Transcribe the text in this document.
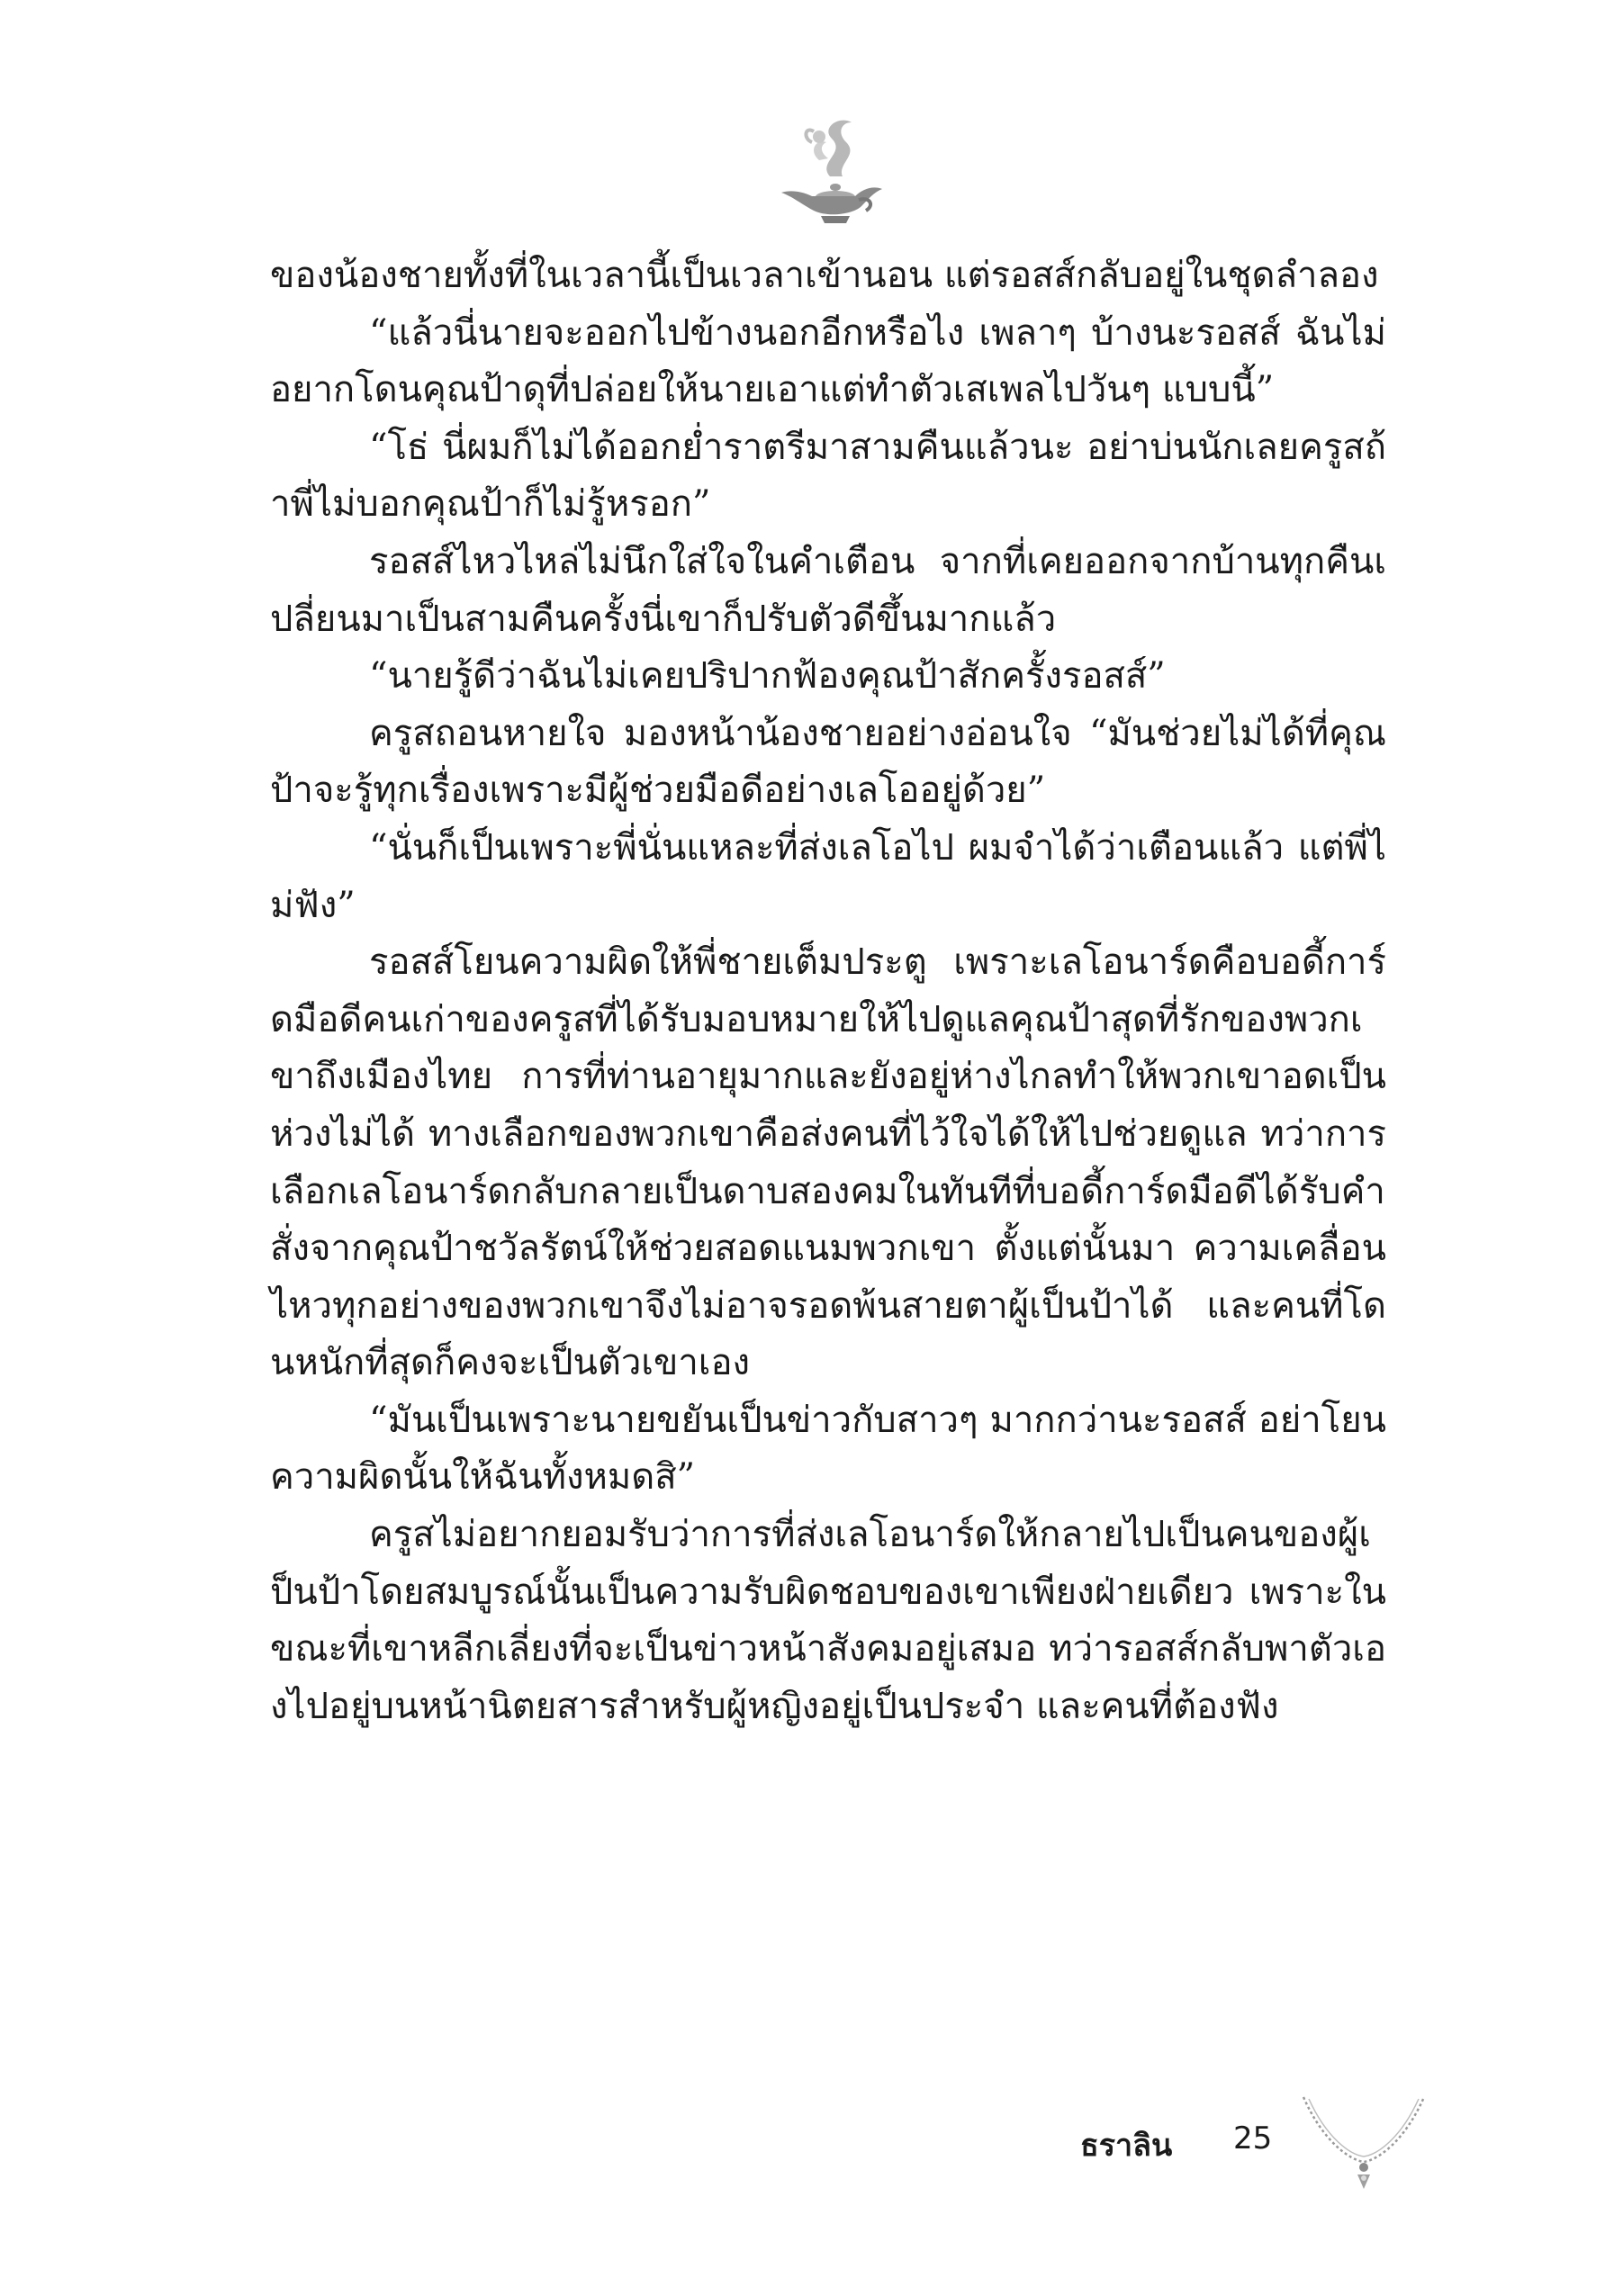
ของน้องชายทั้งที่ในเวลานี้เป็นเวลาเข้านอน แต่รอสส์กลับอยู่ในชุดลำลอง

“แล้วนี่นายจะออกไปข้างนอกอีกหรือไง เพลาๆ บ้างนะรอสส์ ฉันไม่อยากโดนคุณป้าดุที่ปล่อยให้นายเอาแต่ทำตัวเสเพลไปวันๆ แบบนี้”

“โธ่ นี่ผมก็ไม่ได้ออกย่ำราตรีมาสามคืนแล้วนะ อย่าบ่นนักเลยครูสถ้าพี่ไม่บอกคุณป้าก็ไม่รู้หรอก”

รอสส์ไหวไหล่ไม่นึกใส่ใจในคำเตือน จากที่เคยออกจากบ้านทุกคืนเปลี่ยนมาเป็นสามคืนครั้งนี่เขาก็ปรับตัวดีขึ้นมากแล้ว

“นายรู้ดีว่าฉันไม่เคยปริปากฟ้องคุณป้าสักครั้งรอสส์”

ครูสถอนหายใจ มองหน้าน้องชายอย่างอ่อนใจ “มันช่วยไม่ได้ที่คุณป้าจะรู้ทุกเรื่องเพราะมีผู้ช่วยมือดีอย่างเลโออยู่ด้วย”

“นั่นก็เป็นเพราะพี่นั่นแหละที่ส่งเลโอไป ผมจำได้ว่าเตือนแล้ว แต่พี่ไม่ฟัง”

รอสส์โยนความผิดให้พี่ชายเต็มประตู เพราะเลโอนาร์ดคือบอดี้การ์ดมือดีคนเก่าของครูสที่ได้รับมอบหมายให้ไปดูแลคุณป้าสุดที่รักของพวกเขาถึงเมืองไทย การที่ท่านอายุมากและยังอยู่ห่างไกลทำให้พวกเขาอดเป็นห่วงไม่ได้ ทางเลือกของพวกเขาคือส่งคนที่ไว้ใจได้ให้ไปช่วยดูแล ทว่าการเลือกเลโอนาร์ดกลับกลายเป็นดาบสองคมในทันทีที่บอดี้การ์ดมือดีได้รับคำสั่งจากคุณป้าชวัลรัตน์ให้ช่วยสอดแนมพวกเขา ตั้งแต่นั้นมา ความเคลื่อนไหวทุกอย่างของพวกเขาจึงไม่อาจรอดพ้นสายตาผู้เป็นป้าได้ และคนที่โดนหนักที่สุดก็คงจะเป็นตัวเขาเอง

“มันเป็นเพราะนายขยันเป็นข่าวกับสาวๆ มากกว่านะรอสส์ อย่าโยนความผิดนั้นให้ฉันทั้งหมดสิ”

ครูสไม่อยากยอมรับว่าการที่ส่งเลโอนาร์ดให้กลายไปเป็นคนของผู้เป็นป้าโดยสมบูรณ์นั้นเป็นความรับผิดชอบของเขาเพียงฝ่ายเดียว เพราะในขณะที่เขาหลีกเลี่ยงที่จะเป็นข่าวหน้าสังคมอยู่เสมอ ทว่ารอสส์กลับพาตัวเองไปอยู่บนหน้านิตยสารสำหรับผู้หญิงอยู่เป็นประจำ และคนที่ต้องฟัง

ธราลิน 25
